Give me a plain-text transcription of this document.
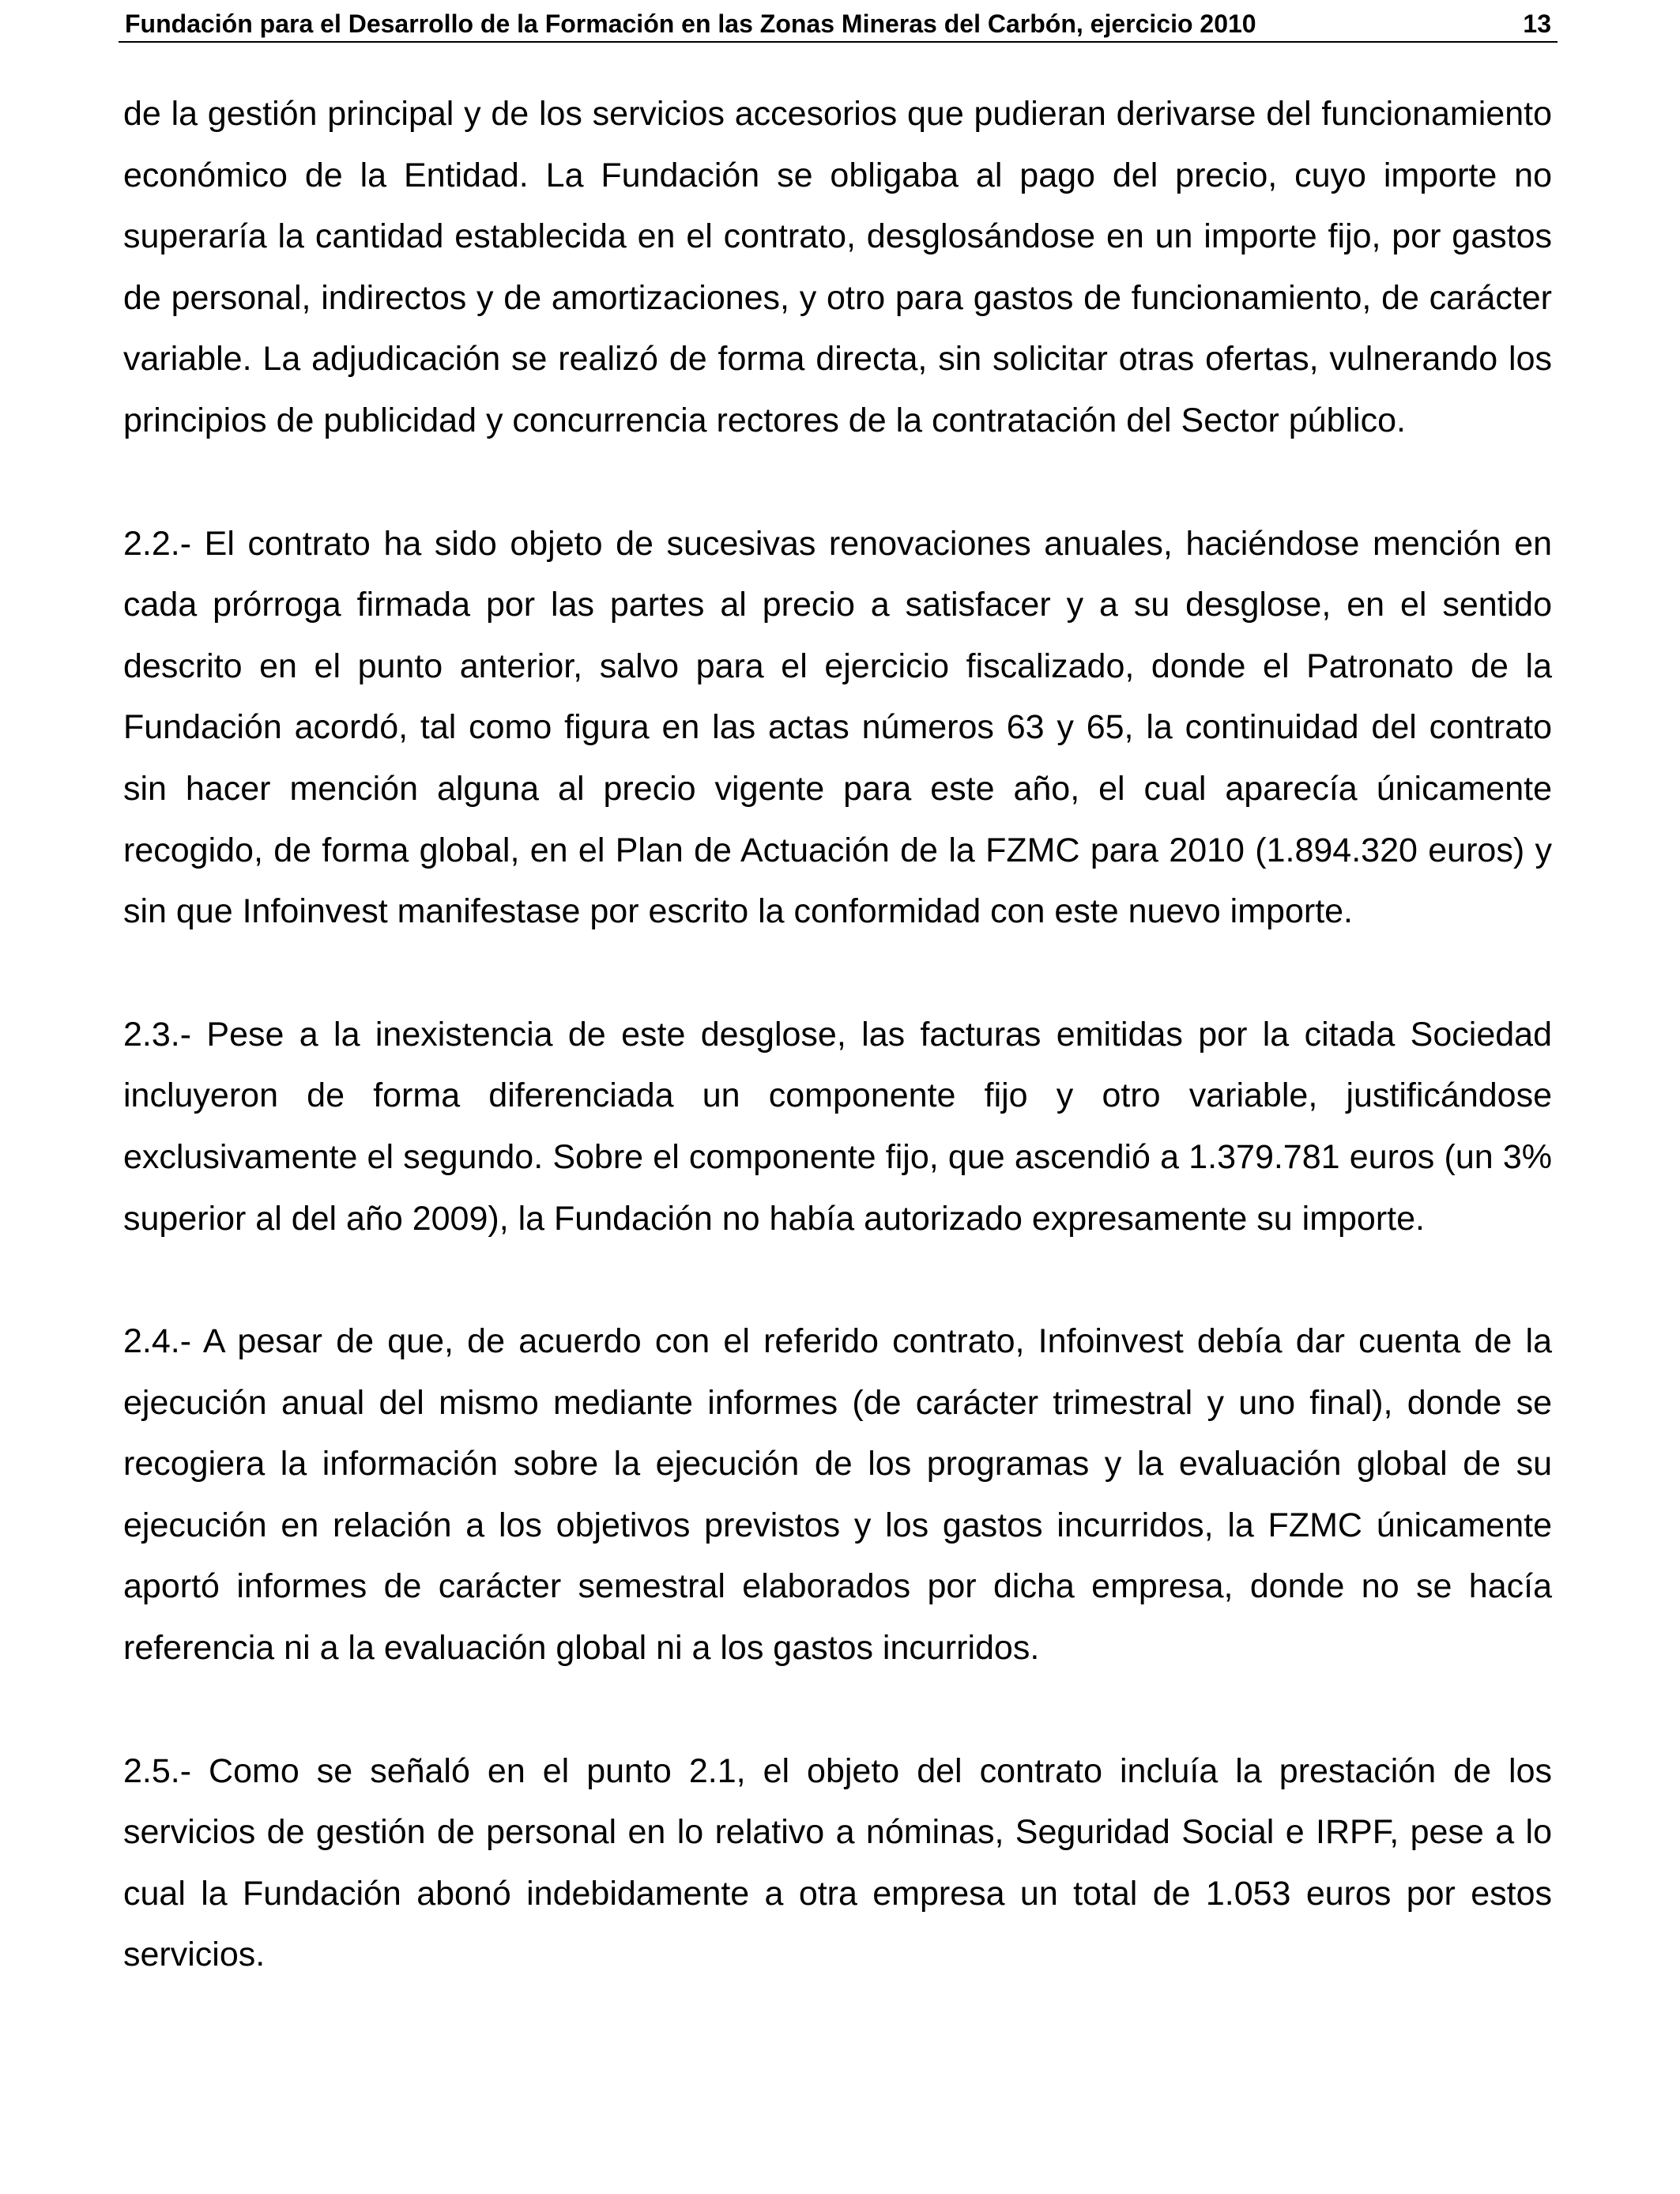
Fundación para el Desarrollo de la Formación en las Zonas Mineras del Carbón, ejercicio 2010	13

de la gestión principal y de los servicios accesorios que pudieran derivarse del funcionamiento económico de la Entidad. La Fundación se obligaba al pago del precio, cuyo importe no superaría la cantidad establecida en el contrato, desglosándose en un importe fijo, por gastos de personal, indirectos y de amortizaciones, y otro para gastos de funcionamiento, de carácter variable. La adjudicación se realizó de forma directa, sin solicitar otras ofertas, vulnerando los principios de publicidad y concurrencia rectores de la contratación del Sector público.

2.2.- El contrato ha sido objeto de sucesivas renovaciones anuales, haciéndose mención en cada prórroga firmada por las partes al precio a satisfacer y a su desglose, en el sentido descrito en el punto anterior, salvo para el ejercicio fiscalizado, donde el Patronato de la Fundación acordó, tal como figura en las actas números 63 y 65, la continuidad del contrato sin hacer mención alguna al precio vigente para este año, el cual aparecía únicamente recogido, de forma global, en el Plan de Actuación de la FZMC para 2010 (1.894.320 euros) y sin que Infoinvest manifestase por escrito la conformidad con este nuevo importe.

2.3.- Pese a la inexistencia de este desglose, las facturas emitidas por la citada Sociedad incluyeron de forma diferenciada un componente fijo y otro variable, justificándose exclusivamente el segundo. Sobre el componente fijo, que ascendió a 1.379.781 euros (un 3% superior al del año 2009), la Fundación no había autorizado expresamente su importe.

2.4.- A pesar de que, de acuerdo con el referido contrato, Infoinvest debía dar cuenta de la ejecución anual del mismo mediante informes (de carácter trimestral y uno final), donde se recogiera la información sobre la ejecución de los programas y la evaluación global de su ejecución en relación a los objetivos previstos y los gastos incurridos, la FZMC únicamente aportó informes de carácter semestral elaborados por dicha empresa, donde no se hacía referencia ni a la evaluación global ni a los gastos incurridos.

2.5.- Como se señaló en el punto 2.1, el objeto del contrato incluía la prestación de los servicios de gestión de personal en lo relativo a nóminas, Seguridad Social e IRPF, pese a lo cual la Fundación abonó indebidamente a otra empresa un total de 1.053 euros por estos servicios.
